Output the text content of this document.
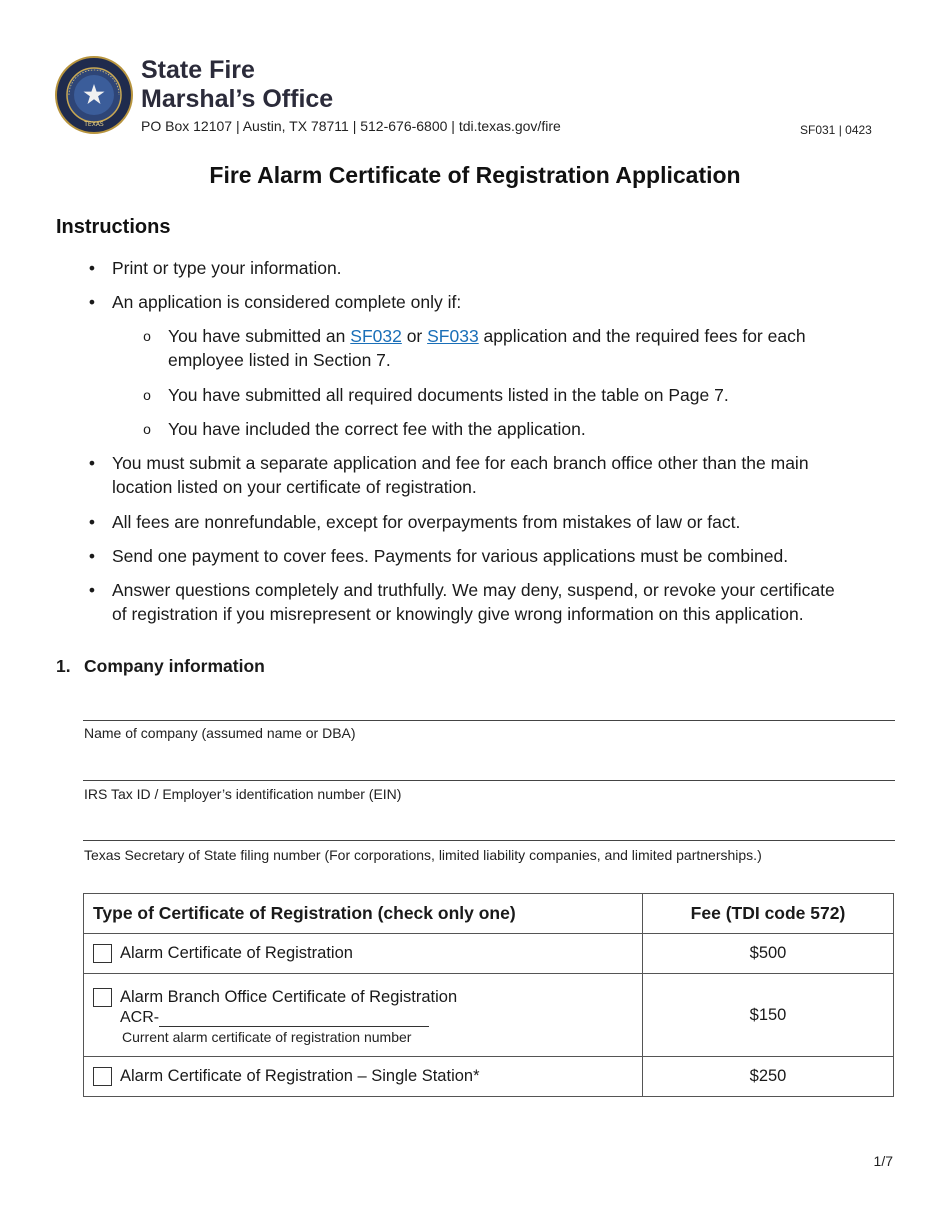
TEXAS
State Fire
Marshal’s Office
PO Box 12107 | Austin, TX 78711 | 512-676-6800 | tdi.texas.gov/fire	SF031 | 0423
Fire Alarm Certificate of Registration Application
Instructions
• Print or type your information.
• An application is considered complete only if:
o You have submitted an SF032 or SF033 application and the required fees for each
employee listed in Section 7.
o You have submitted all required documents listed in the table on Page 7.
o You have included the correct fee with the application.
• You must submit a separate application and fee for each branch office other than the main
location listed on your certificate of registration.
• All fees are nonrefundable, except for overpayments from mistakes of law or fact.
• Send one payment to cover fees. Payments for various applications must be combined.
• Answer questions completely and truthfully. We may deny, suspend, or revoke your certificate
of registration if you misrepresent or knowingly give wrong information on this application.
1. Company information
Name of company (assumed name or DBA)
IRS Tax ID / Employer’s identification number (EIN)
Texas Secretary of State filing number (For corporations, limited liability companies, and limited partnerships.)
Type of Certificate of Registration (check only one)	Fee (TDI code 572)

Alarm Certificate of Registration	$500

Alarm Branch Office Certificate of Registration
ACR-
Current alarm certificate of registration number	$150

Alarm Certificate of Registration – Single Station*	$250
1/7
